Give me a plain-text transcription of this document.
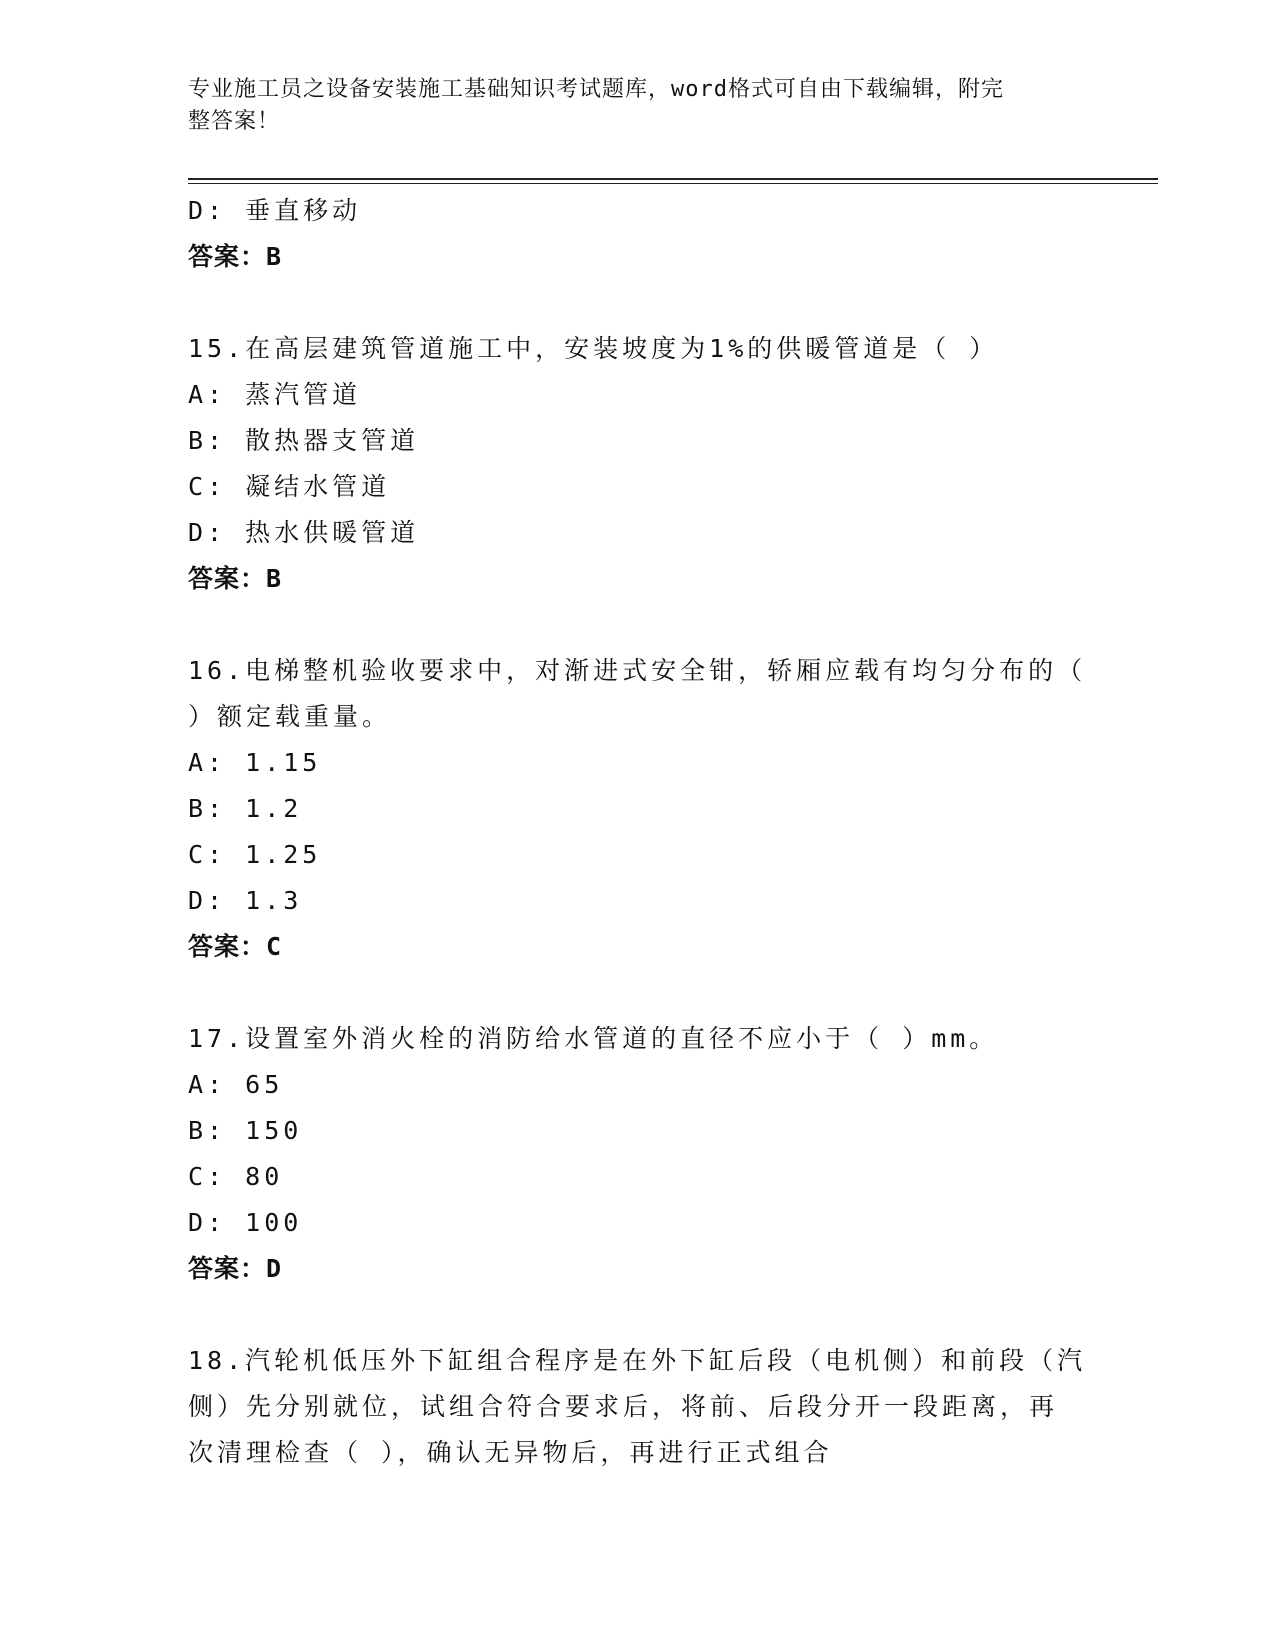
专业施工员之设备安装施工基础知识考试题库，word格式可自由下载编辑，附完
整答案！
D: 垂直移动
答案：B
15.在高层建筑管道施工中，安装坡度为1%的供暖管道是（ ）
A: 蒸汽管道
B: 散热器支管道
C: 凝结水管道
D: 热水供暖管道
答案：B
16.电梯整机验收要求中，对渐进式安全钳，轿厢应载有均匀分布的（
）额定载重量。
A: 1.15
B: 1.2
C: 1.25
D: 1.3
答案：C
17.设置室外消火栓的消防给水管道的直径不应小于（ ）mm。
A: 65
B: 150
C: 80
D: 100
答案：D
18.汽轮机低压外下缸组合程序是在外下缸后段（电机侧）和前段（汽
侧）先分别就位，试组合符合要求后，将前、后段分开一段距离，再
次清理检查（ ），确认无异物后，再进行正式组合
